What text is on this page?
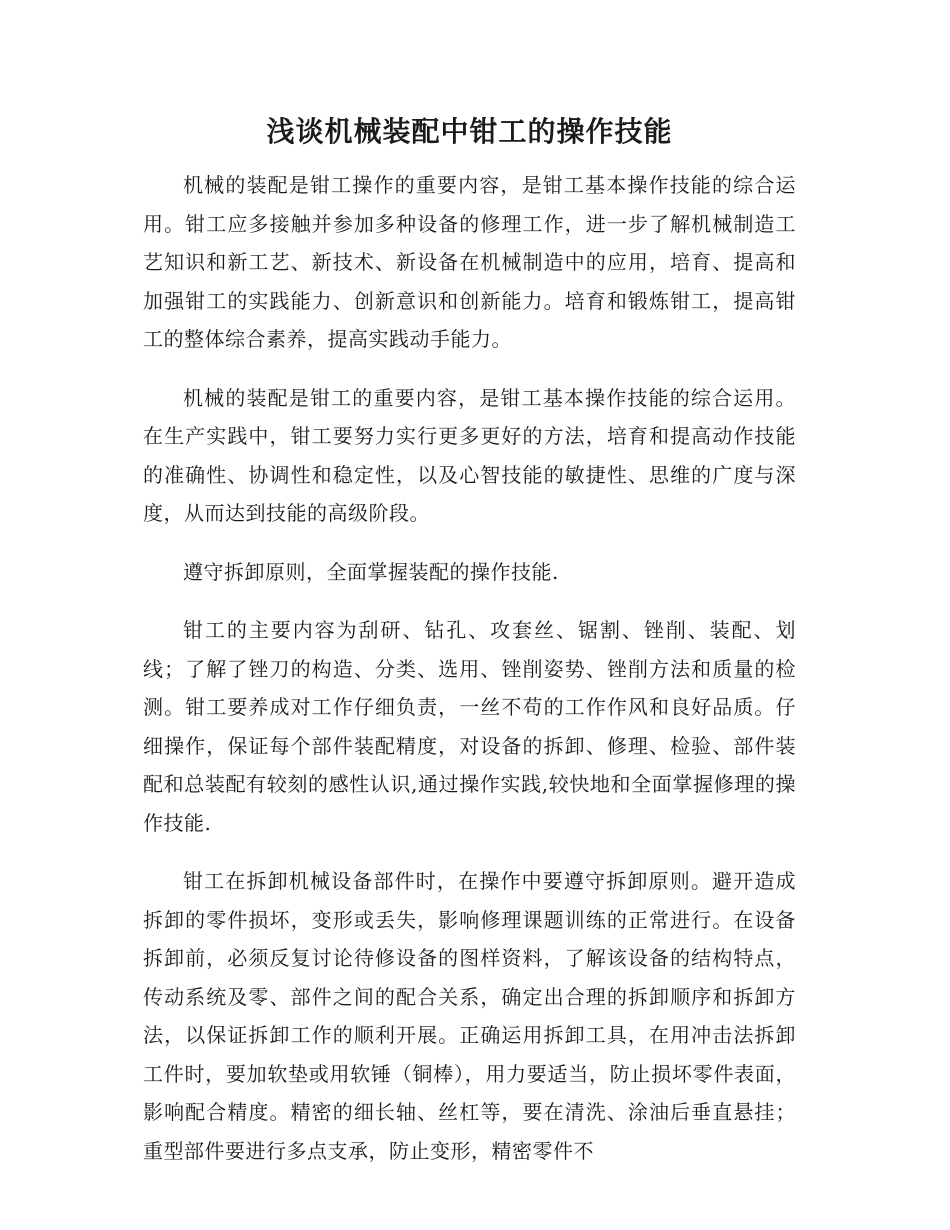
浅谈机械装配中钳工的操作技能

机械的装配是钳工操作的重要内容，是钳工基本操作技能的综合运用。钳工应多接触并参加多种设备的修理工作，进一步了解机械制造工艺知识和新工艺、新技术、新设备在机械制造中的应用，培育、提高和加强钳工的实践能力、创新意识和创新能力。培育和锻炼钳工，提高钳工的整体综合素养，提高实践动手能力。

机械的装配是钳工的重要内容，是钳工基本操作技能的综合运用。在生产实践中，钳工要努力实行更多更好的方法，培育和提高动作技能的准确性、协调性和稳定性，以及心智技能的敏捷性、思维的广度与深度，从而达到技能的高级阶段。

遵守拆卸原则，全面掌握装配的操作技能.

钳工的主要内容为刮研、钻孔、攻套丝、锯割、锉削、装配、划线；了解了锉刀的构造、分类、选用、锉削姿势、锉削方法和质量的检测。钳工要养成对工作仔细负责，一丝不苟的工作作风和良好品质。仔细操作，保证每个部件装配精度，对设备的拆卸、修理、检验、部件装配和总装配有较刻的感性认识,通过操作实践,较快地和全面掌握修理的操作技能.

钳工在拆卸机械设备部件时，在操作中要遵守拆卸原则。避开造成拆卸的零件损坏，变形或丢失，影响修理课题训练的正常进行。在设备拆卸前，必须反复讨论待修设备的图样资料，了解该设备的结构特点，传动系统及零、部件之间的配合关系，确定出合理的拆卸顺序和拆卸方法，以保证拆卸工作的顺利开展。正确运用拆卸工具，在用冲击法拆卸工件时，要加软垫或用软锤（铜棒），用力要适当，防止损坏零件表面，影响配合精度。精密的细长轴、丝杠等，要在清洗、涂油后垂直悬挂；重型部件要进行多点支承，防止变形，精密零件不
